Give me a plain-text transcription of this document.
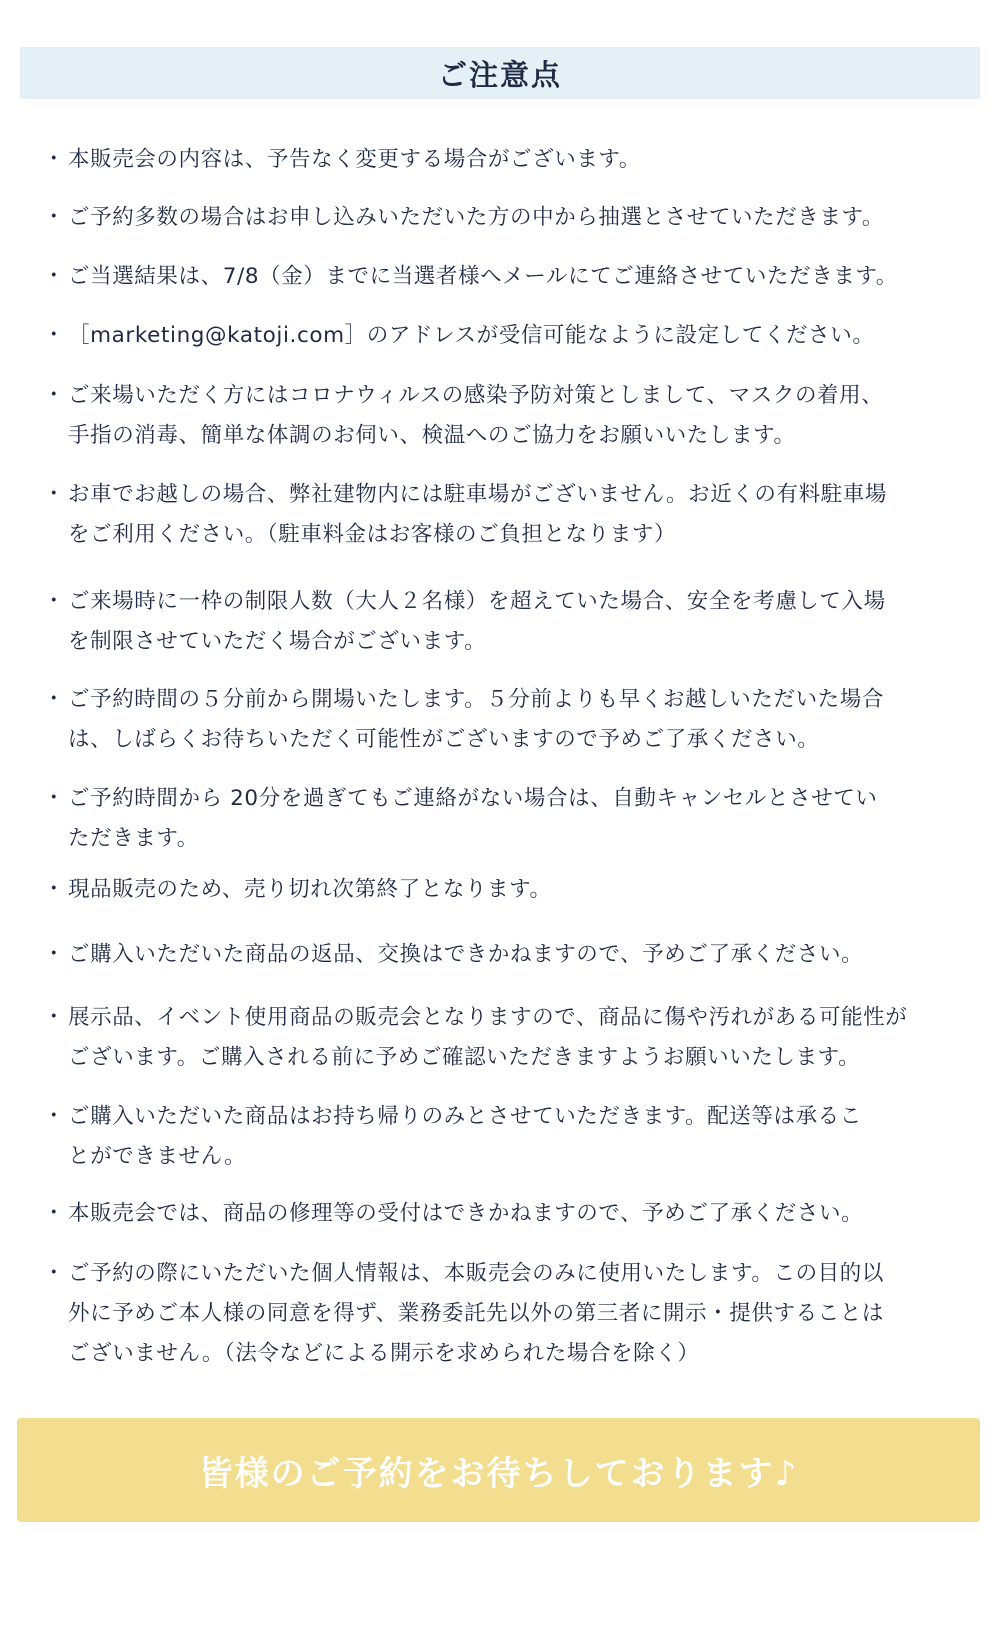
ご注意点
・ 本販売会の内容は、予告なく変更する場合がございます。
・ ご予約多数の場合はお申し込みいただいた方の中から抽選とさせていただきます。
・ ご当選結果は、7/8（金）までに当選者様へメールにてご連絡させていただきます。
・ ［marketing@katoji.com］のアドレスが受信可能なように設定してください。
・ ご来場いただく方にはコロナウィルスの感染予防対策としまして、マスクの着用、
手指の消毒、簡単な体調のお伺い、検温へのご協力をお願いいたします。
・ お車でお越しの場合、弊社建物内には駐車場がございません。お近くの有料駐車場
をご利用ください。（駐車料金はお客様のご負担となります）
・ ご来場時に一枠の制限人数（大人２名様）を超えていた場合、安全を考慮して入場
を制限させていただく場合がございます。
・ ご予約時間の５分前から開場いたします。５分前よりも早くお越しいただいた場合
は、しばらくお待ちいただく可能性がございますので予めご了承ください。
・ ご予約時間から 20分を過ぎてもご連絡がない場合は、自動キャンセルとさせてい
ただきます。
・ 現品販売のため、売り切れ次第終了となります。
・ ご購入いただいた商品の返品、交換はできかねますので、予めご了承ください。
・ 展示品、イベント使用商品の販売会となりますので、商品に傷や汚れがある可能性が
ございます。ご購入される前に予めご確認いただきますようお願いいたします。
・ ご購入いただいた商品はお持ち帰りのみとさせていただきます。配送等は承るこ
とができません。
・ 本販売会では、商品の修理等の受付はできかねますので、予めご了承ください。
・ ご予約の際にいただいた個人情報は、本販売会のみに使用いたします。この目的以
外に予めご本人様の同意を得ず、業務委託先以外の第三者に開示・提供することは
ございません。（法令などによる開示を求められた場合を除く）
皆様のご予約をお待ちしております♪
